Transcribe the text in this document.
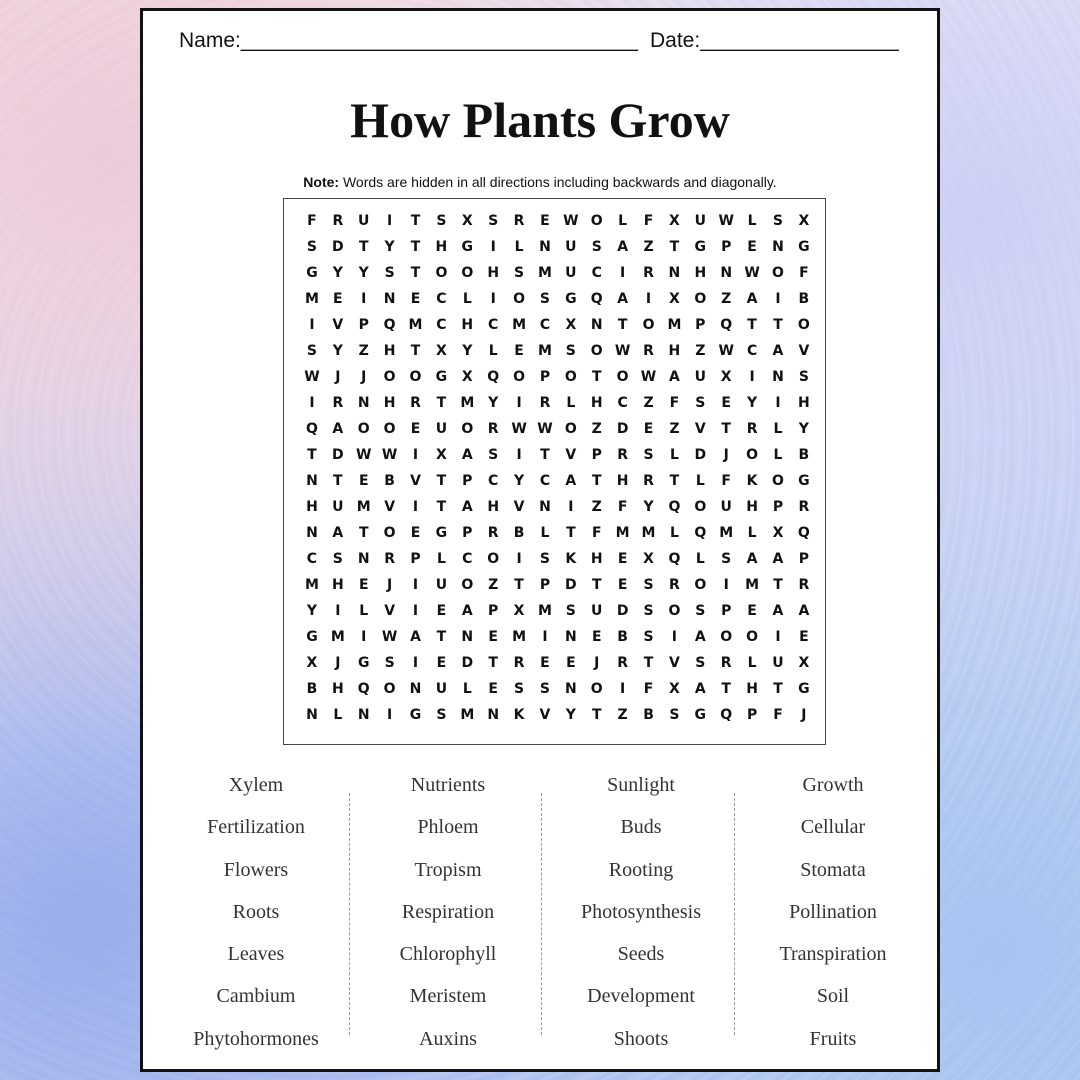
Name:__________________________________ Date:_________________
How Plants Grow
Note: Words are hidden in all directions including backwards and diagonally.
F	R	U	I	T	S	X	S	R	E W O	L	F	X	U W L	S	X
S	D	T	Y	T	H	G	I	L	N	U	S	A	Z	T	G	P	E	N	G
G	Y	Y	S	T	O O	H	S M U	C	I	R	N	H	N W O	F
M	E	I	N	E	C	L	I	O	S	G	Q	A	I	X	O	Z	A	I	B
I	V	P	Q M C	H	C M C	X	N	T	O M P	Q	T	T	O
S	Y	Z	H	T	X	Y	L	E	M S	O W R	H	Z W C	A	V
W	J	J	O O	G	X	Q O	P	O	T	O W A	U	X	I	N	S
I	R	N	H	R	T	M Y	I	R	L	H	C	Z	F	S	E	Y	I	H
Q	A	O O	E	U	O	R W W O	Z	D	E	Z	V	T	R	L	Y
T	D W W	I	X	A	S	I	T	V	P	R	S	L	D	J	O	L	B
N	T	E	B	V	T	P	C	Y	C	A	T	H	R	T	L	F	K	O	G
H	U M V	I	T	A	H	V	N	I	Z	F	Y	Q O	U	H	P	R
N	A	T	O	E	G	P	R	B	L	T	F	M M	L	Q M	L	X	Q
C	S	N	R	P	L	C	O	I	S	K	H	E	X	Q	L	S	A	A	P
M H	E	J	I	U	O	Z	T	P	D	T	E	S	R	O	I	M	T	R
Y	I	L	V	I	E	A	P	X M S	U	D	S	O	S	P	E	A	A
G M	I	W A	T	N	E	M	I	N	E	B	S	I	A	O O	I	E
X	J	G	S	I	E	D	T	R	E	E	J	R	T	V	S	R	L	U	X
B	H	Q O	N	U	L	E	S	S	N	O	I	F	X	A	T	H	T	G
N	L	N	I	G	S M N	K	V	Y	T	Z	B	S	G	Q	P	F	J
Xylem
Fertilization
Flowers
Roots
Leaves
Cambium
Phytohormones
Nutrients
Phloem
Tropism
Respiration
Chlorophyll
Meristem
Auxins
Sunlight
Buds
Rooting
Photosynthesis
Seeds
Development
Shoots
Growth
Cellular
Stomata
Pollination
Transpiration
Soil
Fruits
